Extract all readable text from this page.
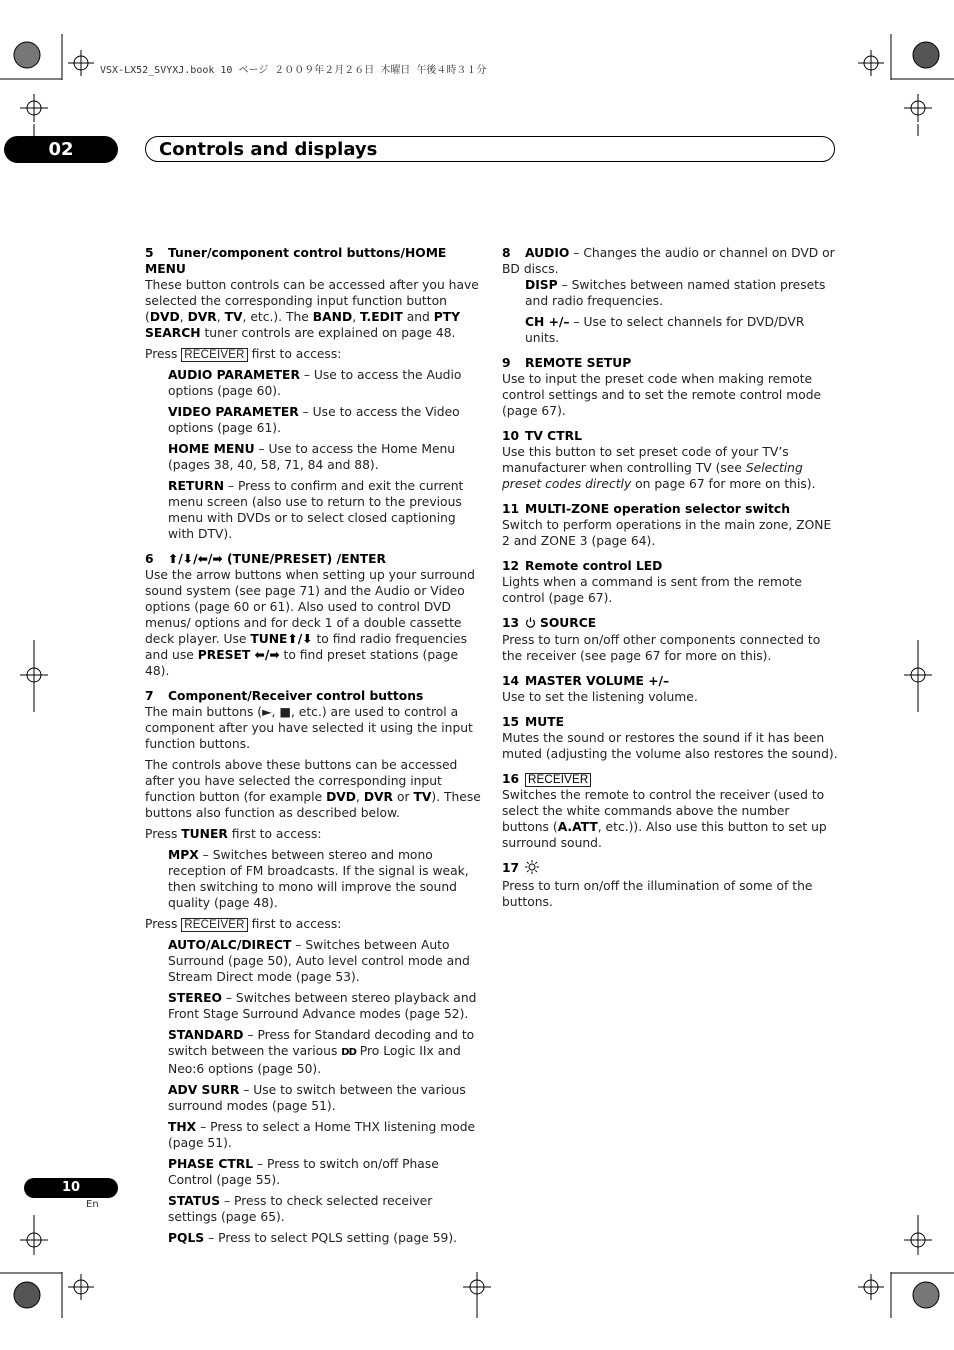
VSX-LX52_SVYXJ.book 10 ページ ２００９年２月２６日 木曜日 午後４時３１分
02	Controls and displays

5 Tuner/component control buttons/HOME MENU

These button controls can be accessed after you have selected the corresponding input function button (DVD, DVR, TV, etc.). The BAND, T.EDIT and PTY SEARCH tuner controls are explained on page 48.

Press RECEIVER first to access:

AUDIO PARAMETER – Use to access the Audio options (page 60).

VIDEO PARAMETER – Use to access the Video options (page 61).

HOME MENU – Use to access the Home Menu (pages 38, 40, 58, 71, 84 and 88).

RETURN – Press to confirm and exit the current menu screen (also use to return to the previous menu with DVDs or to select closed captioning with DTV).

6 ⬆/⬇/⬅/➡ (TUNE/PRESET) /ENTER

Use the arrow buttons when setting up your surround sound system (see page 71) and the Audio or Video options (page 60 or 61). Also used to control DVD menus/ options and for deck 1 of a double cassette deck player. Use TUNE⬆/⬇ to find radio frequencies and use PRESET ⬅/➡ to find preset stations (page 48).

7 Component/Receiver control buttons

The main buttons (►, ■, etc.) are used to control a component after you have selected it using the input function buttons.

The controls above these buttons can be accessed after you have selected the corresponding input function button (for example DVD, DVR or TV). These buttons also function as described below.

Press TUNER first to access:

MPX – Switches between stereo and mono reception of FM broadcasts. If the signal is weak, then switching to mono will improve the sound quality (page 48).

Press RECEIVER first to access:

AUTO/ALC/DIRECT – Switches between Auto Surround (page 50), Auto level control mode and Stream Direct mode (page 53).

STEREO – Switches between stereo playback and Front Stage Surround Advance modes (page 52).

STANDARD – Press for Standard decoding and to switch between the various DD Pro Logic IIx and Neo:6 options (page 50).

ADV SURR – Use to switch between the various surround modes (page 51).

THX – Press to select a Home THX listening mode (page 51).

PHASE CTRL – Press to switch on/off Phase Control (page 55).

STATUS – Press to check selected receiver settings (page 65).

PQLS – Press to select PQLS setting (page 59).

8 AUDIO – Changes the audio or channel on DVD or BD discs.

DISP – Switches between named station presets and radio frequencies.

CH +/– – Use to select channels for DVD/DVR units.

9 REMOTE SETUP

Use to input the preset code when making remote control settings and to set the remote control mode (page 67).

10 TV CTRL

Use this button to set preset code of your TV’s manufacturer when controlling TV (see Selecting preset codes directly on page 67 for more on this).

11 MULTI-ZONE operation selector switch

Switch to perform operations in the main zone, ZONE 2 and ZONE 3 (page 64).

12 Remote control LED

Lights when a command is sent from the remote control (page 67).

13 SOURCE

Press to turn on/off other components connected to the receiver (see page 67 for more on this).

14 MASTER VOLUME +/–

Use to set the listening volume.

15 MUTE

Mutes the sound or restores the sound if it has been muted (adjusting the volume also restores the sound).

16 RECEIVER

Switches the remote to control the receiver (used to select the white commands above the number buttons (A.ATT, etc.)). Also use this button to set up surround sound.

17

Press to turn on/off the illumination of some of the buttons.

10
En
